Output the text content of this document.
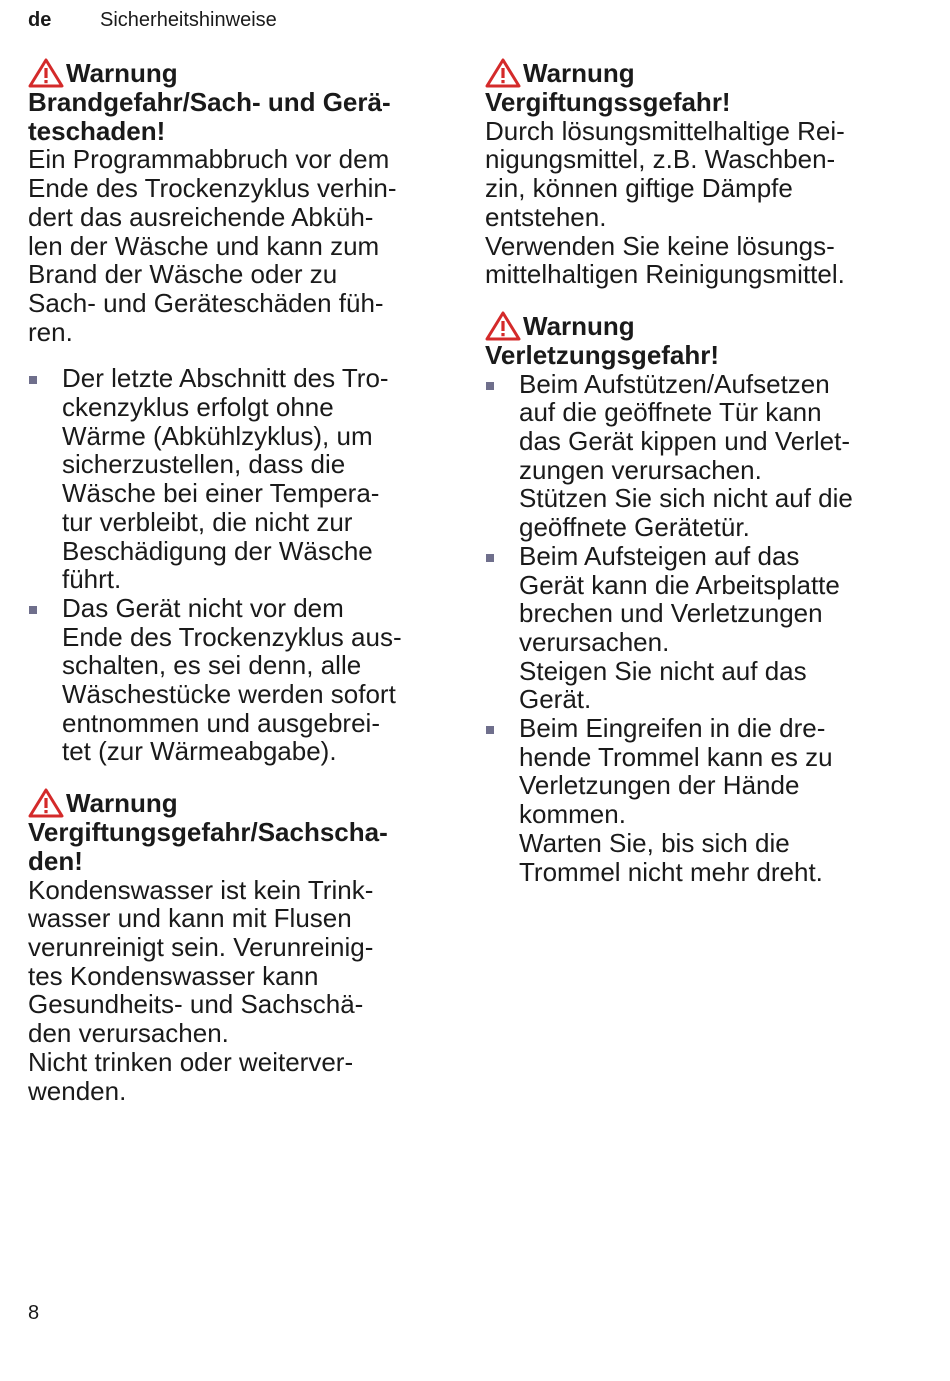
de Sicherheitshinweise
Warnung
Brandgefahr/Sach- und Gerä-
teschaden!
Ein Programmabbruch vor dem
Ende des Trockenzyklus verhin-
dert das ausreichende Abküh-
len der Wäsche und kann zum
Brand der Wäsche oder zu
Sach- und Geräteschäden füh-
ren.
Der letzte Abschnitt des Tro-
ckenzyklus erfolgt ohne
Wärme (Abkühlzyklus), um
sicherzustellen, dass die
Wäsche bei einer Tempera-
tur verbleibt, die nicht zur
Beschädigung der Wäsche
führt.
Das Gerät nicht vor dem
Ende des Trockenzyklus aus-
schalten, es sei denn, alle
Wäschestücke werden sofort
entnommen und ausgebrei-
tet (zur Wärmeabgabe).
Warnung
Vergiftungsgefahr/Sachscha-
den!
Kondenswasser ist kein Trink-
wasser und kann mit Flusen
verunreinigt sein. Verunreinig-
tes Kondenswasser kann
Gesundheits- und Sachschä-
den verursachen.
Nicht trinken oder weiterver-
wenden.
Warnung
Vergiftungssgefahr!
Durch lösungsmittelhaltige Rei-
nigungsmittel, z.B. Waschben-
zin, können giftige Dämpfe
entstehen.
Verwenden Sie keine lösungs-
mittelhaltigen Reinigungsmittel.
Warnung
Verletzungsgefahr!
Beim Aufstützen/Aufsetzen
auf die geöffnete Tür kann
das Gerät kippen und Verlet-
zungen verursachen.
Stützen Sie sich nicht auf die
geöffnete Gerätetür.
Beim Aufsteigen auf das
Gerät kann die Arbeitsplatte
brechen und Verletzungen
verursachen.
Steigen Sie nicht auf das
Gerät.
Beim Eingreifen in die dre-
hende Trommel kann es zu
Verletzungen der Hände
kommen.
Warten Sie, bis sich die
Trommel nicht mehr dreht.
8
